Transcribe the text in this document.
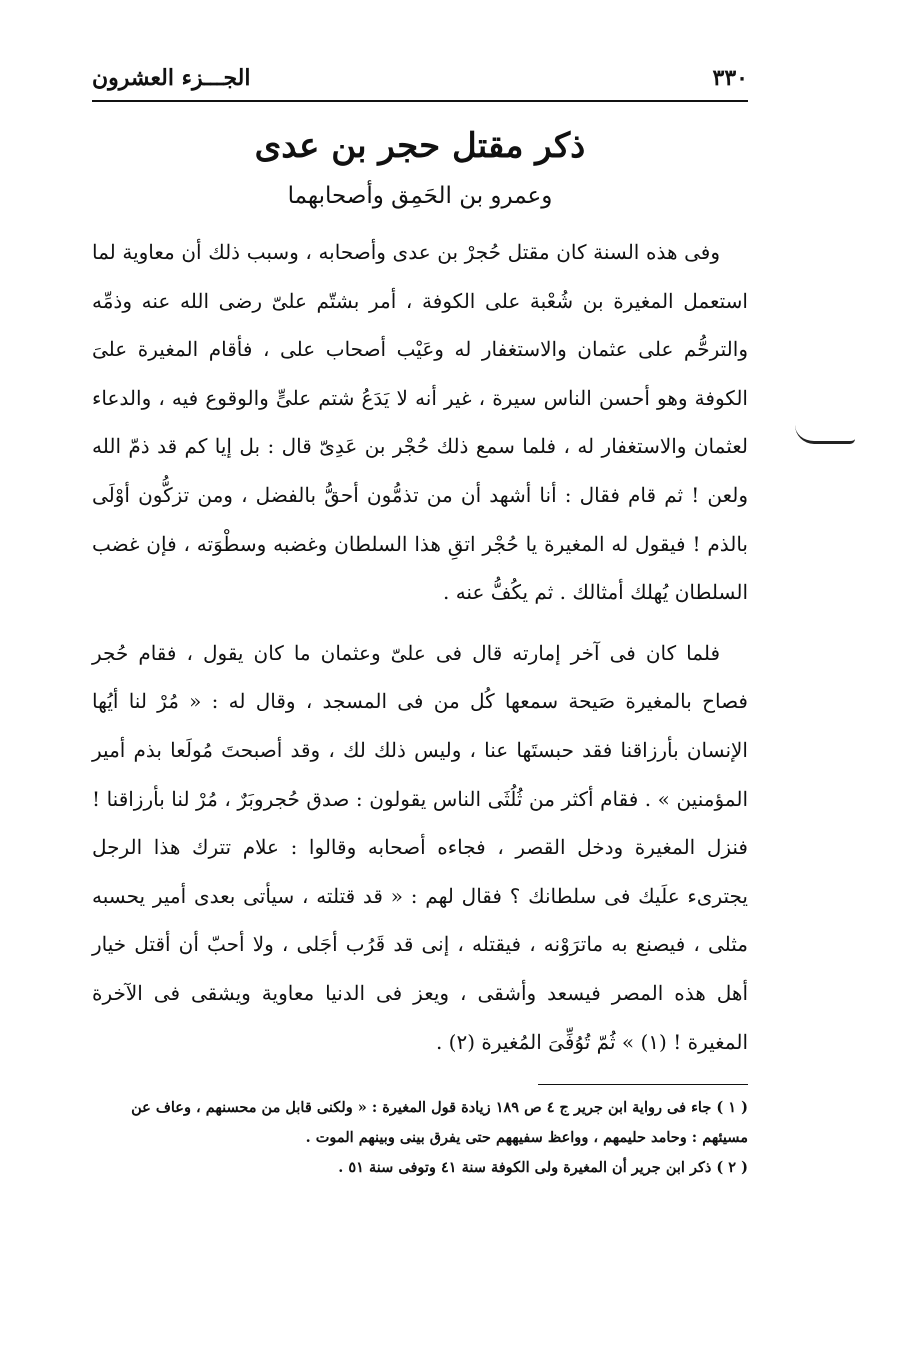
٣٣٠
الجـــزء العشرون
ذكر مقتل حجر بن عدى
وعمرو بن الحَمِق وأصحابهما

وفى هذه السنة كان مقتل حُجرْ بن عدى وأصحابه ، وسبب ذلك أن معاوية لما استعمل المغيرة بن شُعْبة على الكوفة ، أمر بشتّم علىّ رضى الله عنه وذمِّه والترحُّم على عثمان والاستغفار له وعَيْب أصحاب على ، فأقام المغيرة علىَ الكوفة وهو أحسن الناس سيرة ، غير أنه لا يَدَعُ شتم علىٍّ والوقوع فيه ، والدعاء لعثمان والاستغفار له ، فلما سمع ذلك حُجْر بن عَدِىّ قال : بل إيا كم قد ذمّ الله ولعن ! ثم قام فقال : أنا أشهد أن من تذمُّون أحقُّ بالفضل ، ومن تزكُّون أوْلَى بالذم ! فيقول له المغيرة يا حُجْر اتقِ هذا السلطان وغضبه وسطْوَته ، فإن غضب السلطان يُهلك أمثالك . ثم يكُفُّ عنه .

فلما كان فى آخر إمارته قال فى علىّ وعثمان ما كان يقول ، فقام حُجر فصاح بالمغيرة صَيحة سمعها كُل من فى المسجد ، وقال له : « مُرْ لنا أيُها الإنسان بأرزاقنا فقد حبستَها عنا ، وليس ذلك لك ، وقد أصبحتَ مُولَعا بذم أمير المؤمنين » . فقام أكثر من ثُلُثَى الناس يقولون : صدق حُجروبَرٌ ، مُرْ لنا بأرزاقنا ! فنزل المغيرة ودخل القصر ، فجاءه أصحابه وقالوا : علام تترك هذا الرجل يجترىء علَيك فى سلطانك ؟ فقال لهم : « قد قتلته ، سيأتى بعدى أمير يحسبه مثلى ، فيصنع به ماترَوْنه ، فيقتله ، إنى قد قَرُب أجَلى ، ولا أحبّ أن أقتل خيار أهل هذه المصر فيسعد وأشقى ، ويعز فى الدنيا معاوية ويشقى فى الآخرة المغيرة ! (١) » ثُمّ تُوُفِّىَ المُغيرة (٢) .

( ١ ) جاء فى رواية ابن جرير ج ٤ ص ١٨٩ زيادة قول المغيرة : « ولكنى قابل من محسنهم ، وعاف عن مسيئهم : وحامد حليمهم ، وواعظ سفيههم حتى يفرق بينى وبينهم الموت .

( ٢ ) ذكر ابن جرير أن المغيرة ولى الكوفة سنة ٤١ وتوفى سنة ٥١ .
